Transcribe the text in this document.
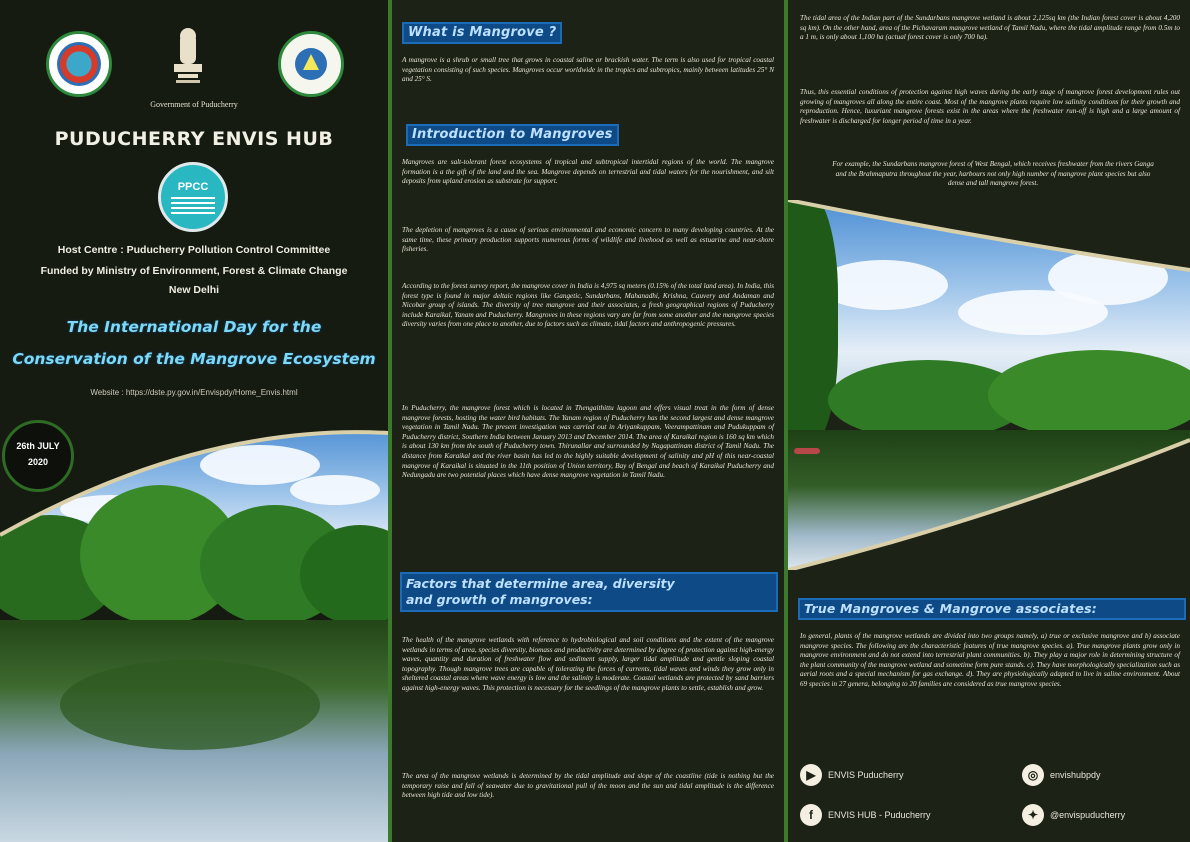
Government of Puducherry
PUDUCHERRY ENVIS HUB
PPCC
Host Centre : Puducherry Pollution Control Committee
Funded by Ministry of Environment, Forest & Climate Change
New Delhi
The International Day for the
Conservation of the Mangrove Ecosystem
Website : https://dste.py.gov.in/Envispdy/Home_Envis.html
26th JULY
2020
What is Mangrove ?
A mangrove is a shrub or small tree that grows in coastal saline or brackish water. The term is also used for tropical coastal vegetation consisting of such species. Mangroves occur worldwide in the tropics and subtropics, mainly between latitudes 25° N and 25° S.
Introduction to Mangroves
Mangroves are salt-tolerant forest ecosystems of tropical and subtropical intertidal regions of the world. The mangrove formation is a the gift of the land and the sea. Mangrove depends on terrestrial and tidal waters for the nourishment, and silt deposits from upland erosion as substrate for support.
The depletion of mangroves is a cause of serious environmental and economic concern to many developing countries. At the same time, these primary production supports numerous forms of wildlife and livehood as well as estuarine and near-shore fisheries.
According to the forest survey report, the mangrove cover in India is 4,975 sq meters (0.15% of the total land area). In India, this forest type is found in major deltaic regions like Gangetic, Sundarbans, Mahanadhi, Krishna, Cauvery and Andaman and Nicobar group of islands. The diversity of tree mangrove and their associates, a fresh geographical regions of Puducherry include Karaikal, Yanam and Puducherry. Mangroves in these regions vary are far from some another and the mangrove species diversity varies from one place to another, due to factors such as climate, tidal factors and anthropogenic pressures.
In Puducherry, the mangrove forest which is located in Thengaithittu lagoon and offers visual treat in the form of dense mangrove forests, hosting the water bird habitats. The Yanam region of Puducherry has the second largest and dense mangrove vegetation in Tamil Nadu. The present investigation was carried out in Ariyankuppam, Veerampattinam and Pudukuppam of Puducherry district, Southern India between January 2013 and December 2014. The area of Karaikal region is 160 sq km which is about 130 km from the south of Puducherry town. Thirunallar and surrounded by Nagapattinam district of Tamil Nadu. The distance from Karaikal and the river basin has led to the highly suitable development of salinity and pH of this near-coastal mangrove of Karaikal is situated in the 11th position of Union territory, Bay of Bengal and beach of Karaikal Puducherry and Nedungadu are two potential places which have dense mangrove vegetation in Tamil Nadu.
Factors that determine area, diversity
and growth of mangroves:
The health of the mangrove wetlands with reference to hydrobiological and soil conditions and the extent of the mangrove wetlands in terms of area, species diversity, biomass and productivity are determined by degree of protection against high-energy waves, quantity and duration of freshwater flow and sediment supply, larger tidal amplitude and gentle sloping coastal topography. Though mangrove trees are capable of tolerating the forces of currents, tidal waves and winds they grow only in sheltered coastal areas where wave energy is low and the salinity is moderate. Coastal wetlands are protected by sand barriers against high-energy waves. This protection is necessary for the seedlings of the mangrove plants to settle, establish and grow.
The area of the mangrove wetlands is determined by the tidal amplitude and slope of the coastline (tide is nothing but the temporary raise and fall of seawater due to gravitational pull of the moon and the sun and tidal amplitude is the difference between high tide and low tide).
The tidal area of the Indian part of the Sundarbans mangrove wetland is about 2,125sq km (the Indian forest cover is about 4,200 sq km). On the other hand, area of the Pichavaram mangrove wetland of Tamil Nadu, where the tidal amplitude range from 0.5m to a 1 m, is only about 1,100 ha (actual forest cover is only 700 ha).
Thus, this essential conditions of protection against high waves during the early stage of mangrove forest development rules out growing of mangroves all along the entire coast. Most of the mangrove plants require low salinity conditions for their growth and reproduction. Hence, luxuriant mangrove forests exist in the areas where the freshwater run-off is high and a large amount of freshwater is discharged for longer period of time in a year.
For example, the Sundarbans mangrove forest of West Bengal, which receives freshwater from the rivers Ganga and the Brahmaputra throughout the year, harbours not only high number of mangrove plant species but also dense and tall mangrove forest.
True Mangroves & Mangrove associates:
In general, plants of the mangrove wetlands are divided into two groups namely, a) true or exclusive mangrove and b) associate mangrove species. The following are the characteristic features of true mangrove species. a). True mangrove plants grow only in mangrove environment and do not extend into terrestrial plant communities. b). They play a major role in determining structure of the plant community of the mangrove wetland and sometime form pure stands. c). They have morphologically specialization such as aerial roots and a special mechanism for gas exchange. d). They are physiologically adapted to live in saline environment. About 69 species in 27 genera, belonging to 20 families are considered as true mangrove species.
▶	ENVIS Puducherry	◎	envishubpdy
f	ENVIS HUB - Puducherry	✦	@envispuducherry
